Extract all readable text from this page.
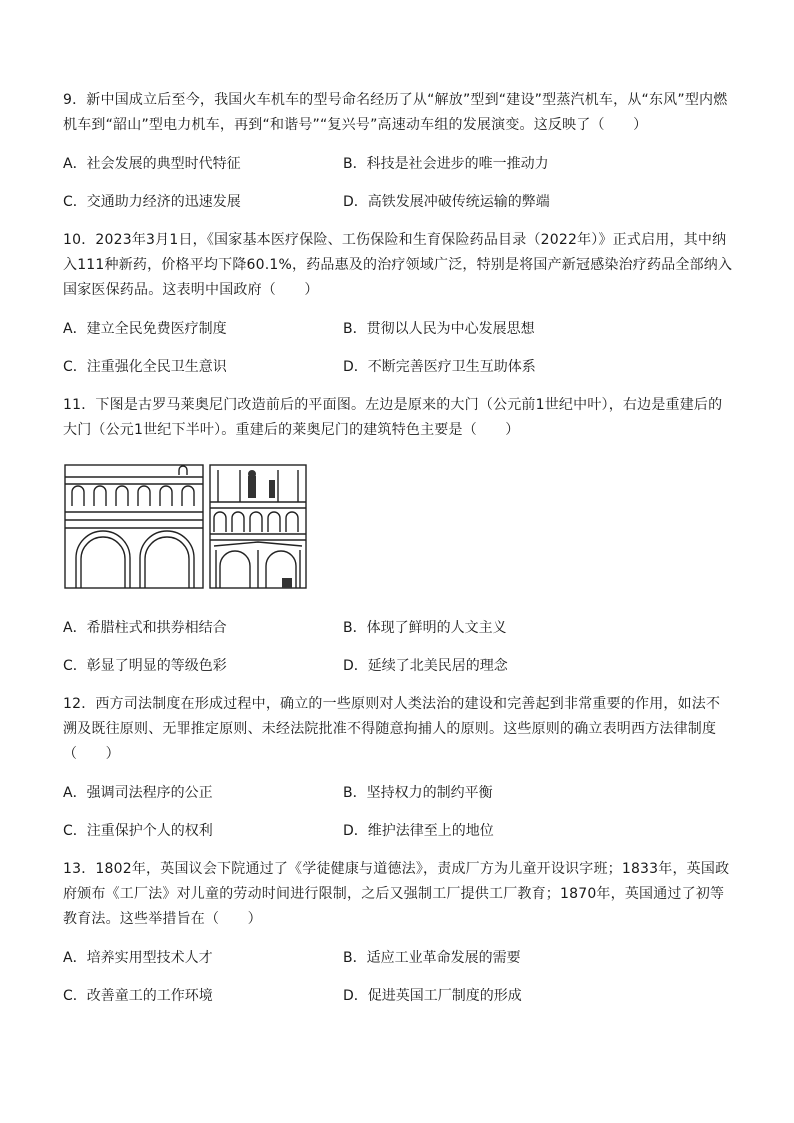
9．新中国成立后至今，我国火车机车的型号命名经历了从“解放”型到“建设”型蒸汽机车，从“东风”型内燃机车到“韶山”型电力机车，再到“和谐号”“复兴号”高速动车组的发展演变。这反映了（　　）
A．社会发展的典型时代特征	B．科技是社会进步的唯一推动力
C．交通助力经济的迅速发展	D．高铁发展冲破传统运输的弊端
10．2023年3月1日，《国家基本医疗保险、工伤保险和生育保险药品目录（2022年）》正式启用，其中纳入111种新药，价格平均下降60.1%，药品惠及的治疗领域广泛，特别是将国产新冠感染治疗药品全部纳入国家医保药品。这表明中国政府（　　）
A．建立全民免费医疗制度	B．贯彻以人民为中心发展思想
C．注重强化全民卫生意识	D．不断完善医疗卫生互助体系
11．下图是古罗马莱奥尼门改造前后的平面图。左边是原来的大门（公元前1世纪中叶），右边是重建后的大门（公元1世纪下半叶）。重建后的莱奥尼门的建筑特色主要是（　　）
A．希腊柱式和拱券相结合	B．体现了鲜明的人文主义
C．彰显了明显的等级色彩	D．延续了北美民居的理念
12．西方司法制度在形成过程中，确立的一些原则对人类法治的建设和完善起到非常重要的作用，如法不溯及既往原则、无罪推定原则、未经法院批准不得随意拘捕人的原则。这些原则的确立表明西方法律制度（　　）
A．强调司法程序的公正	B．坚持权力的制约平衡
C．注重保护个人的权利	D．维护法律至上的地位
13．1802年，英国议会下院通过了《学徒健康与道德法》，责成厂方为儿童开设识字班；1833年，英国政府颁布《工厂法》对儿童的劳动时间进行限制，之后又强制工厂提供工厂教育；1870年，英国通过了初等教育法。这些举措旨在（　　）
A．培养实用型技术人才	B．适应工业革命发展的需要
C．改善童工的工作环境	D．促进英国工厂制度的形成
